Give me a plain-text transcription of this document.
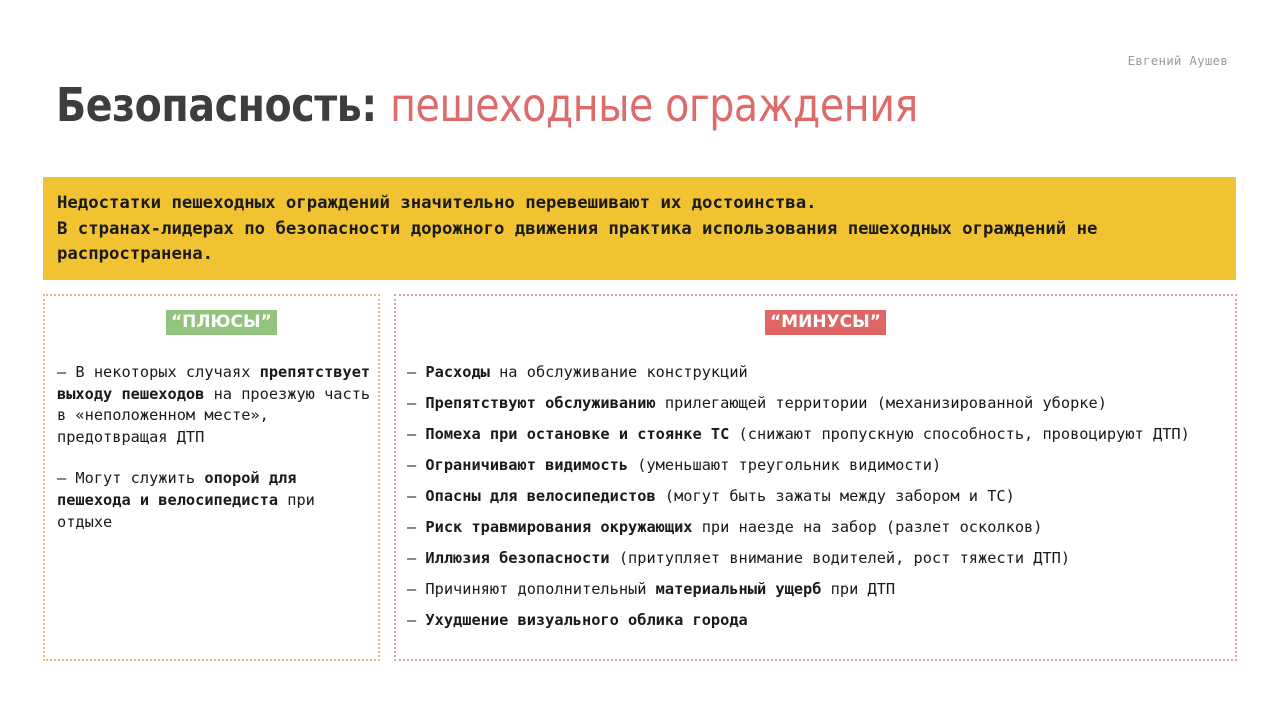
Евгений Аушев
Безопасность: пешеходные ограждения

Недостатки пешеходных ограждений значительно перевешивают их достоинства.

В странах-лидерах по безопасности дорожного движения практика использования пешеходных ограждений не распространена.

“ПЛЮСЫ”
— В некоторых случаях препятствует выходу пешеходов на проезжую часть в «неположенном месте», предотвращая ДТП
— Могут служить опорой для пешехода и велосипедиста при отдыхе
“МИНУСЫ”
— Расходы на обслуживание конструкций
— Препятствуют обслуживанию прилегающей территории (механизированной уборке)
— Помеха при остановке и стоянке ТС (снижают пропускную способность, провоцируют ДТП)
— Ограничивают видимость (уменьшают треугольник видимости)
— Опасны для велосипедистов (могут быть зажаты между забором и ТС)
— Риск травмирования окружающих при наезде на забор (разлет осколков)
— Иллюзия безопасности (притупляет внимание водителей, рост тяжести ДТП)
— Причиняют дополнительный материальный ущерб при ДТП
— Ухудшение визуального облика города
